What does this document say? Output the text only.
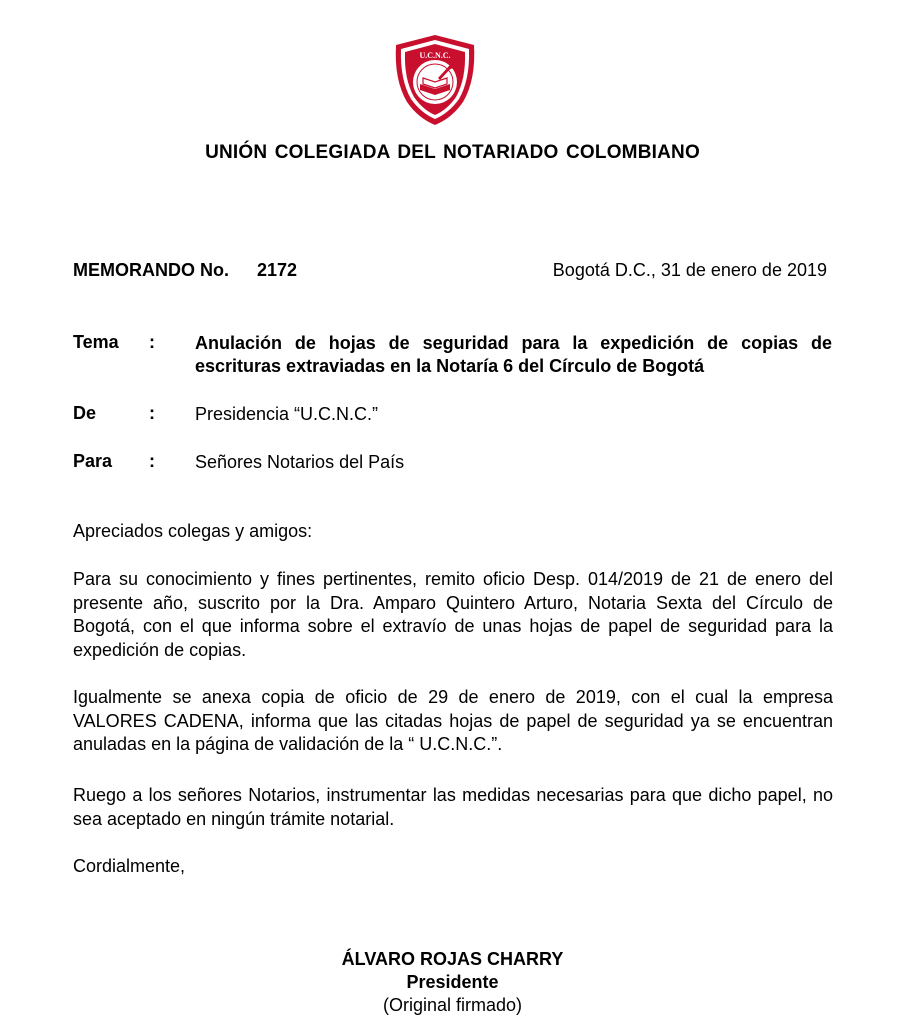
U.C.N.C.
UNIÓN COLEGIADA DEL NOTARIADO COLOMBIANO
MEMORANDO No. 2172	Bogotá D.C., 31 de enero de 2019
Tema : Anulación de hojas de seguridad para la expedición de copias de escrituras extraviadas en la Notaría 6 del Círculo de Bogotá
De	: Presidencia “U.C.N.C.”
Para : Señores Notarios del País

Apreciados colegas y amigos:

Para su conocimiento y fines pertinentes, remito oficio Desp. 014/2019 de 21 de enero del presente año, suscrito por la Dra. Amparo Quintero Arturo, Notaria Sexta del Círculo de Bogotá, con el que informa sobre el extravío de unas hojas de papel de seguridad para la expedición de copias.

Igualmente se anexa copia de oficio de 29 de enero de 2019, con el cual la empresa VALORES CADENA, informa que las citadas hojas de papel de seguridad ya se encuentran anuladas en la página de validación de la “ U.C.N.C.”.

Ruego a los señores Notarios, instrumentar las medidas necesarias para que dicho papel, no sea aceptado en ningún trámite notarial.

Cordialmente,

ÁLVARO ROJAS CHARRY
Presidente
(Original firmado)
